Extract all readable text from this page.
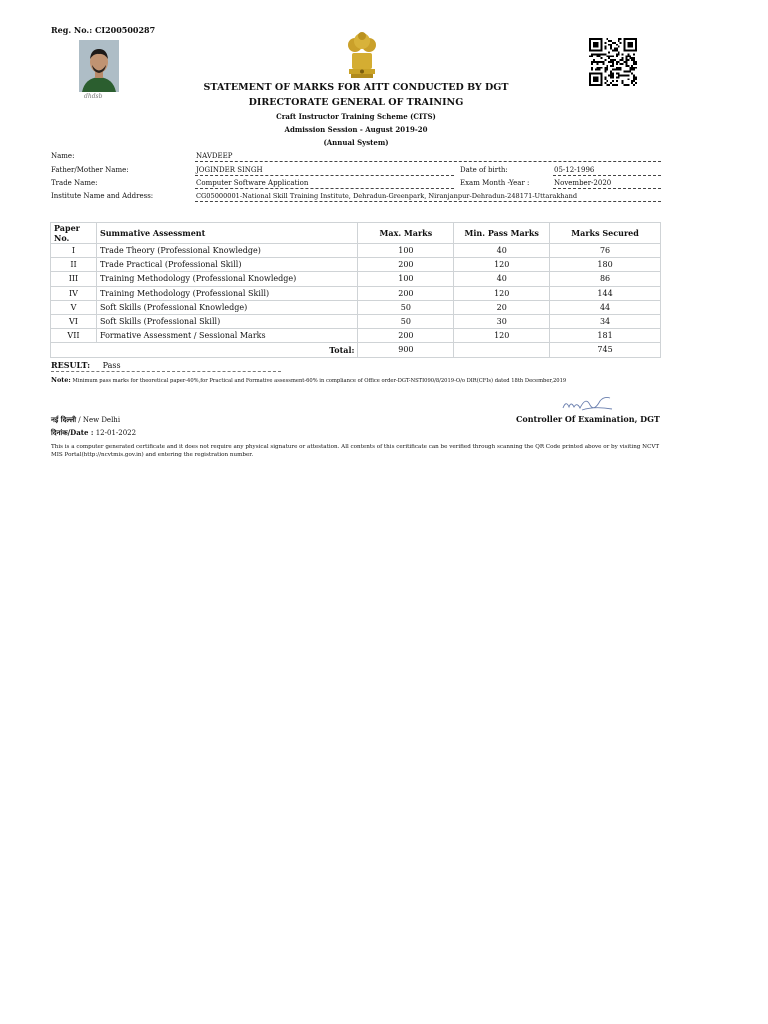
Reg. No.: CI200500287
dhdsb
STATEMENT OF MARKS FOR AITT CONDUCTED BY DGT
DIRECTORATE GENERAL OF TRAINING
Craft Instructor Training Scheme (CITS)
Admission Session - August 2019-20
(Annual System)
Name:	NAVDEEP
Father/Mother Name:	JOGINDER SINGH	Date of birth:	05-12-1996
Trade Name:	Computer Software Application	Exam Month -Year :	November-2020
Institute Name and Address:	CG05000001-National Skill Training Institute, Dehradun-Greenpark, Niranjanpur-Dehradun-248171-Uttarakhand
Paper No.	Summative Assessment	Max. Marks	Min. Pass Marks	Marks Secured
I	Trade Theory (Professional Knowledge)	100	40	76
II	Trade Practical (Professional Skill)	200	120	180
III	Training Methodology (Professional Knowledge)	100	40	86
IV	Training Methodology (Professional Skill)	200	120	144
V	Soft Skills (Professional Knowledge)	50	20	44
VI	Soft Skills (Professional Skill)	50	30	34
VII	Formative Assessment / Sessional Marks	200	120	181
Total:		900		745
RESULT: Pass
Note: Minimum pass marks for theoretical paper-40%,for Practical and Formative assessment-60% in compliance of Office order-DGT-NSTI090/8/2019-O/o DIR(CFIs) dated 18th December,2019
Controller Of Examination, DGT
नई दिल्ली / New Delhi
दिनांक/Date : 12-01-2022
This is a computer generated certificate and it does not require any physical signature or attestation. All contents of this ceritificate can be verified through scanning the QR Code printed above or by visiting NCVT MIS Portal(http://ncvtmis.gov.in) and entering the registration number.
